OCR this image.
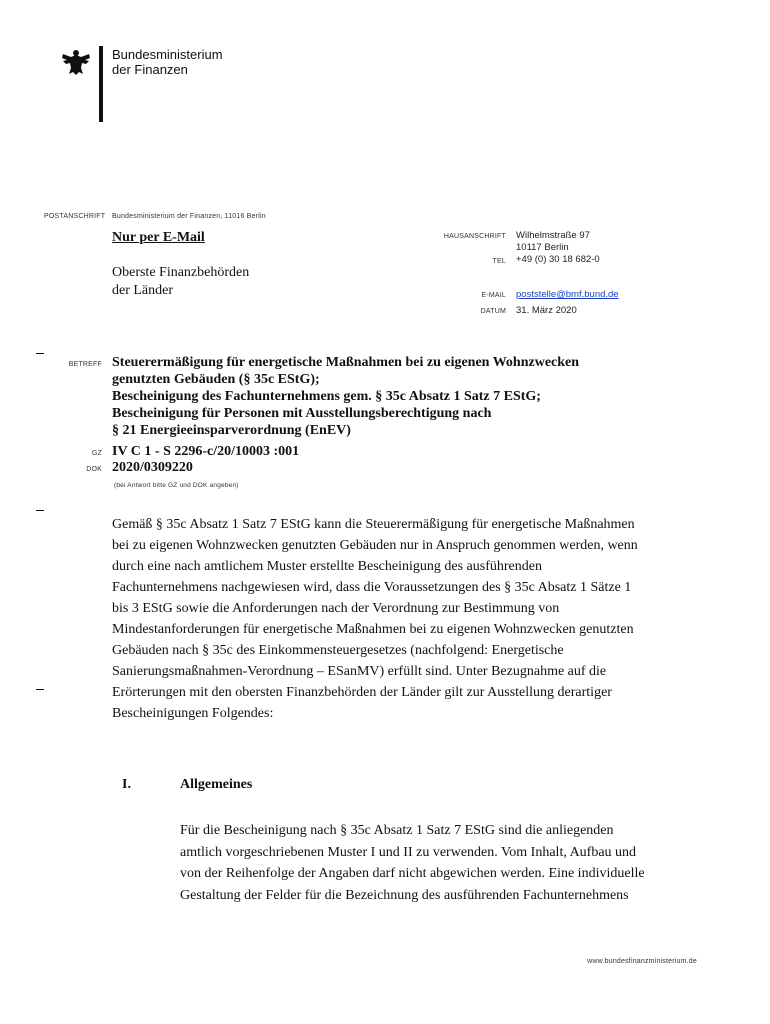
Bundesministerium
der Finanzen
POSTANSCHRIFT Bundesministerium der Finanzen, 11016 Berlin
Nur per E-Mail
Oberste Finanzbehörden
der Länder
HAUSANSCHRIFT Wilhelmstraße 97
10117 Berlin
+49 (0) 30 18 682-0
TEL
E-MAIL poststelle@bmf.bund.de
DATUM 31. März 2020
BETREFF Steuerermäßigung für energetische Maßnahmen bei zu eigenen Wohnzwecken
genutzten Gebäuden (§ 35c EStG);
Bescheinigung des Fachunternehmens gem. § 35c Absatz 1 Satz 7 EStG;
Bescheinigung für Personen mit Ausstellungsberechtigung nach
§ 21 Energieeinsparverordnung (EnEV)
GZ IV C 1 - S 2296-c/20/10003 :001
DOK 2020/0309220
(bei Antwort bitte GZ und DOK angeben)
Gemäß § 35c Absatz 1 Satz 7 EStG kann die Steuerermäßigung für energetische Maßnahmen
bei zu eigenen Wohnzwecken genutzten Gebäuden nur in Anspruch genommen werden, wenn
durch eine nach amtlichem Muster erstellte Bescheinigung des ausführenden
Fachunternehmens nachgewiesen wird, dass die Voraussetzungen des § 35c Absatz 1 Sätze 1
bis 3 EStG sowie die Anforderungen nach der Verordnung zur Bestimmung von
Mindestanforderungen für energetische Maßnahmen bei zu eigenen Wohnzwecken genutzten
Gebäuden nach § 35c des Einkommensteuergesetzes (nachfolgend: Energetische
Sanierungsmaßnahmen-Verordnung – ESanMV) erfüllt sind. Unter Bezugnahme auf die
Erörterungen mit den obersten Finanzbehörden der Länder gilt zur Ausstellung derartiger
Bescheinigungen Folgendes:
I.	Allgemeines
Für die Bescheinigung nach § 35c Absatz 1 Satz 7 EStG sind die anliegenden
amtlich vorgeschriebenen Muster I und II zu verwenden. Vom Inhalt, Aufbau und
von der Reihenfolge der Angaben darf nicht abgewichen werden. Eine individuelle
Gestaltung der Felder für die Bezeichnung des ausführenden Fachunternehmens
www.bundesfinanzministerium.de
